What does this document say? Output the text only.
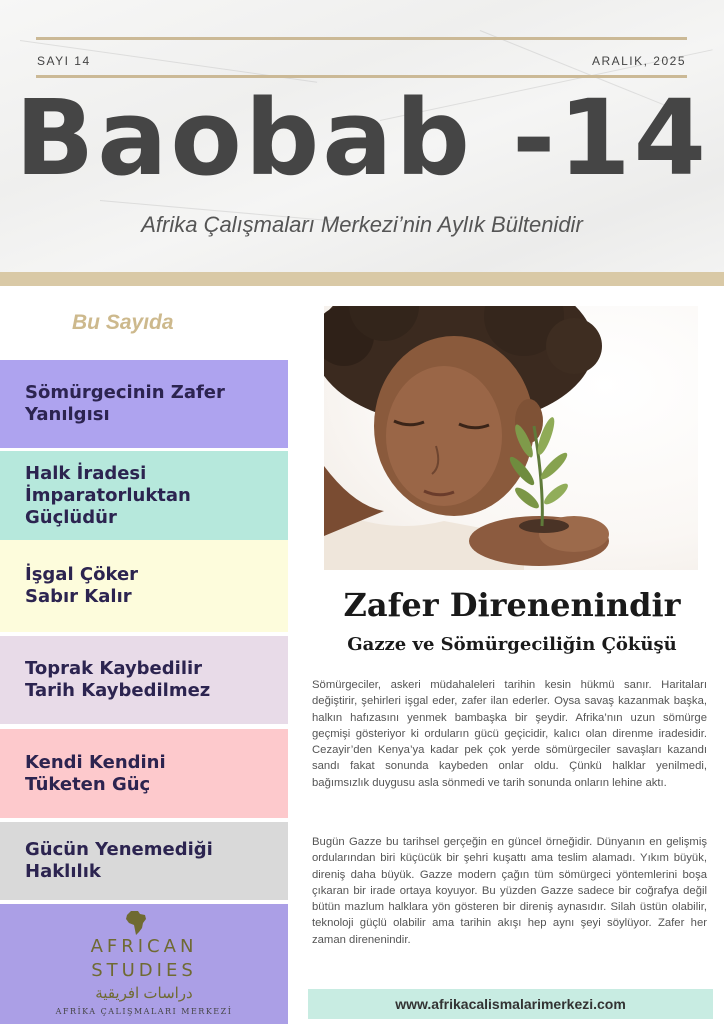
SAYI 14	ARALIK, 2025
Baobab -14
Afrika Çalışmaları Merkezi’nin Aylık Bültenidir
Bu Sayıda
Sömürgecinin Zafer
Yanılgısı
Halk İradesi
İmparatorluktan
Güçlüdür
İşgal Çöker
Sabır Kalır
Toprak Kaybedilir
Tarih Kaybedilmez
Kendi Kendini
Tüketen Güç
Gücün Yenemediği
Haklılık
AFRICAN
STUDIES
دراسات افريقية
AFRİKA ÇALIŞMALARI MERKEZİ
Zafer Direnenindir
Gazze ve Sömürgeciliğin Çöküşü
Sömürgeciler, askeri müdahaleleri tarihin kesin hükmü sanır. Haritaları değiştirir, şehirleri işgal eder, zafer ilan ederler. Oysa savaş kazanmak başka, halkın hafızasını yenmek bambaşka bir şeydir. Afrika’nın uzun sömürge geçmişi gösteriyor ki orduların gücü geçicidir, kalıcı olan direnme iradesidir. Cezayir’den Kenya’ya kadar pek çok yerde sömürgeciler savaşları kazandı sandı fakat sonunda kaybeden onlar oldu. Çünkü halklar yenilmedi, bağımsızlık duygusu asla sönmedi ve tarih sonunda onların lehine aktı.
Bugün Gazze bu tarihsel gerçeğin en güncel örneğidir. Dünyanın en gelişmiş ordularından biri küçücük bir şehri kuşattı ama teslim alamadı. Yıkım büyük, direniş daha büyük. Gazze modern çağın tüm sömürgeci yöntemlerini boşa çıkaran bir irade ortaya koyuyor. Bu yüzden Gazze sadece bir coğrafya değil bütün mazlum halklara yön gösteren bir direniş aynasıdır. Silah üstün olabilir, teknoloji güçlü olabilir ama tarihin akışı hep aynı şeyi söylüyor. Zafer her zaman direnenindir.
www.afrikacalismalarimerkezi.com
